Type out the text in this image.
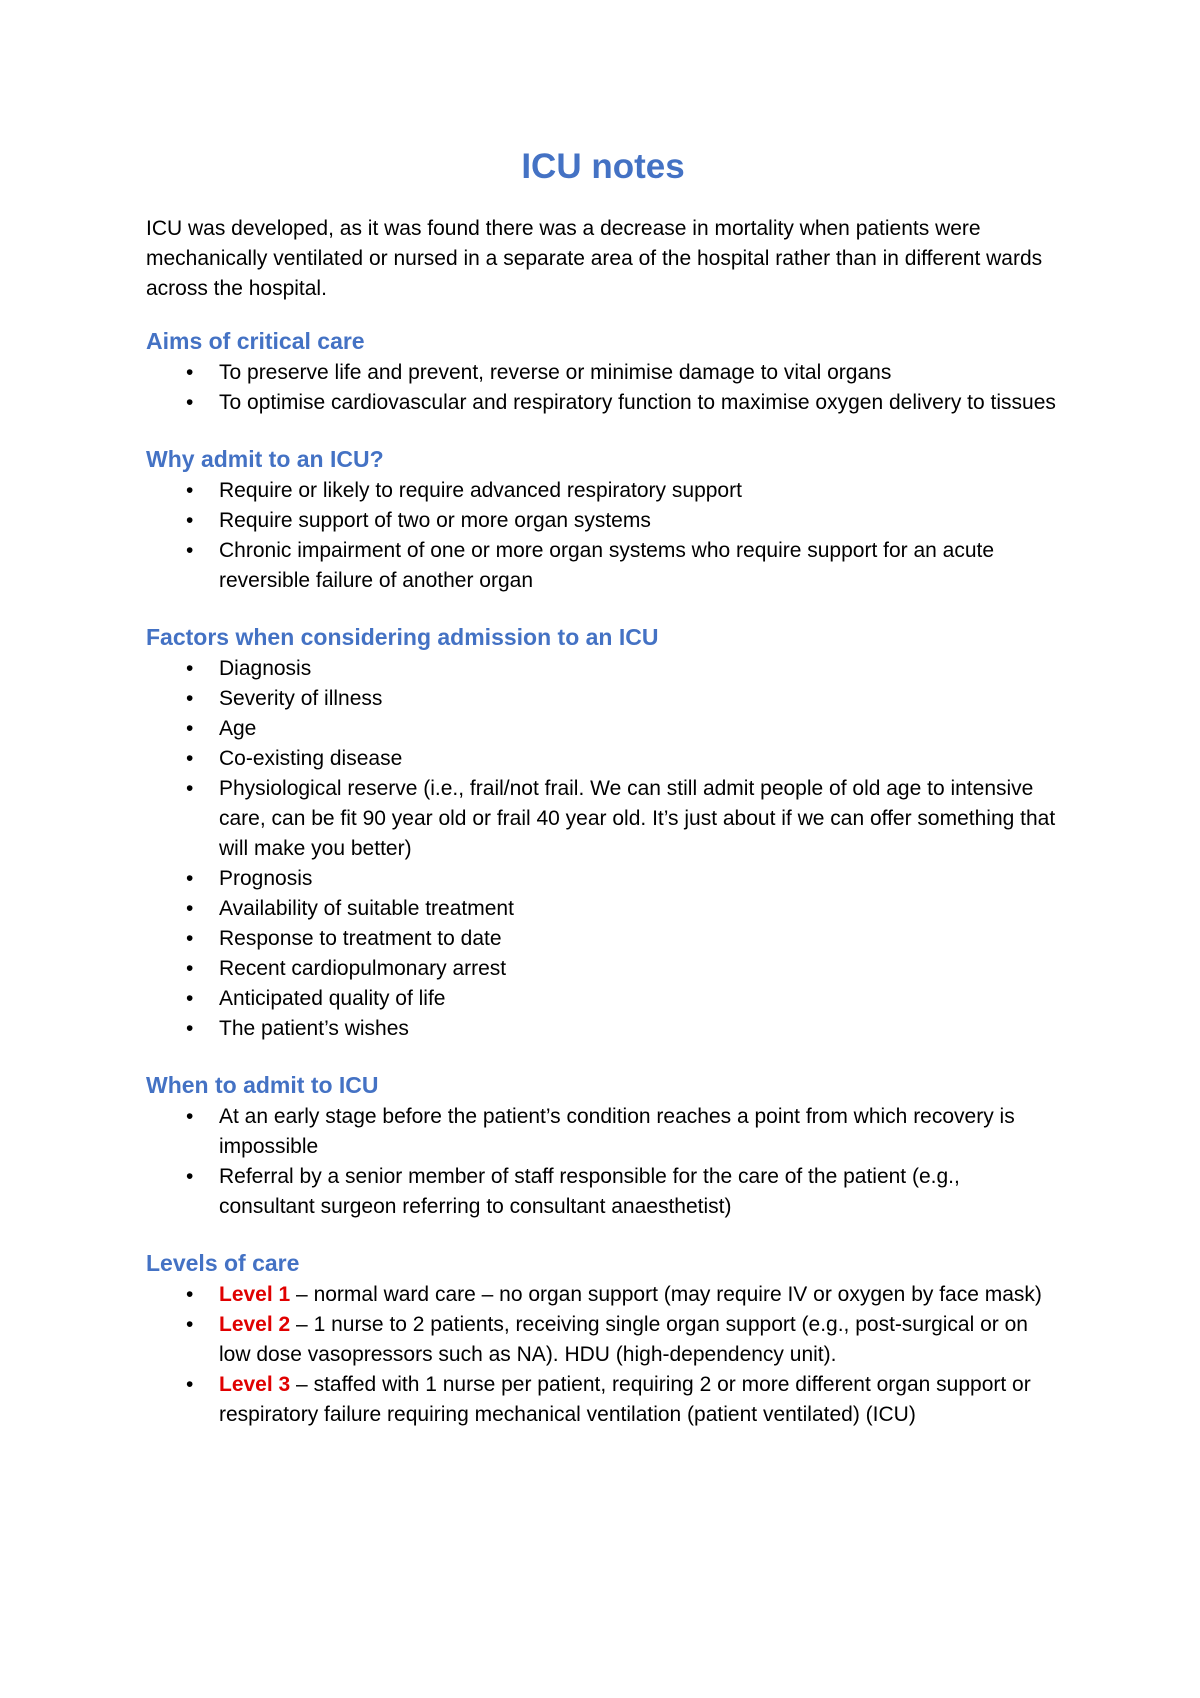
ICU notes

ICU was developed, as it was found there was a decrease in mortality when patients were mechanically ventilated or nursed in a separate area of the hospital rather than in different wards across the hospital.

Aims of critical care
• To preserve life and prevent, reverse or minimise damage to vital organs
• To optimise cardiovascular and respiratory function to maximise oxygen delivery to tissues
Why admit to an ICU?
• Require or likely to require advanced respiratory support
• Require support of two or more organ systems
• Chronic impairment of one or more organ systems who require support for an acute reversible failure of another organ
Factors when considering admission to an ICU
• Diagnosis
• Severity of illness
• Age
• Co-existing disease
• Physiological reserve (i.e., frail/not frail. We can still admit people of old age to intensive care, can be fit 90 year old or frail 40 year old. It’s just about if we can offer something that will make you better)
• Prognosis
• Availability of suitable treatment
• Response to treatment to date
• Recent cardiopulmonary arrest
• Anticipated quality of life
• The patient’s wishes
When to admit to ICU
• At an early stage before the patient’s condition reaches a point from which recovery is impossible
• Referral by a senior member of staff responsible for the care of the patient (e.g., consultant surgeon referring to consultant anaesthetist)
Levels of care
• Level 1 – normal ward care – no organ support (may require IV or oxygen by face mask)
• Level 2 – 1 nurse to 2 patients, receiving single organ support (e.g., post-surgical or on low dose vasopressors such as NA). HDU (high-dependency unit).
• Level 3 – staffed with 1 nurse per patient, requiring 2 or more different organ support or respiratory failure requiring mechanical ventilation (patient ventilated) (ICU)
